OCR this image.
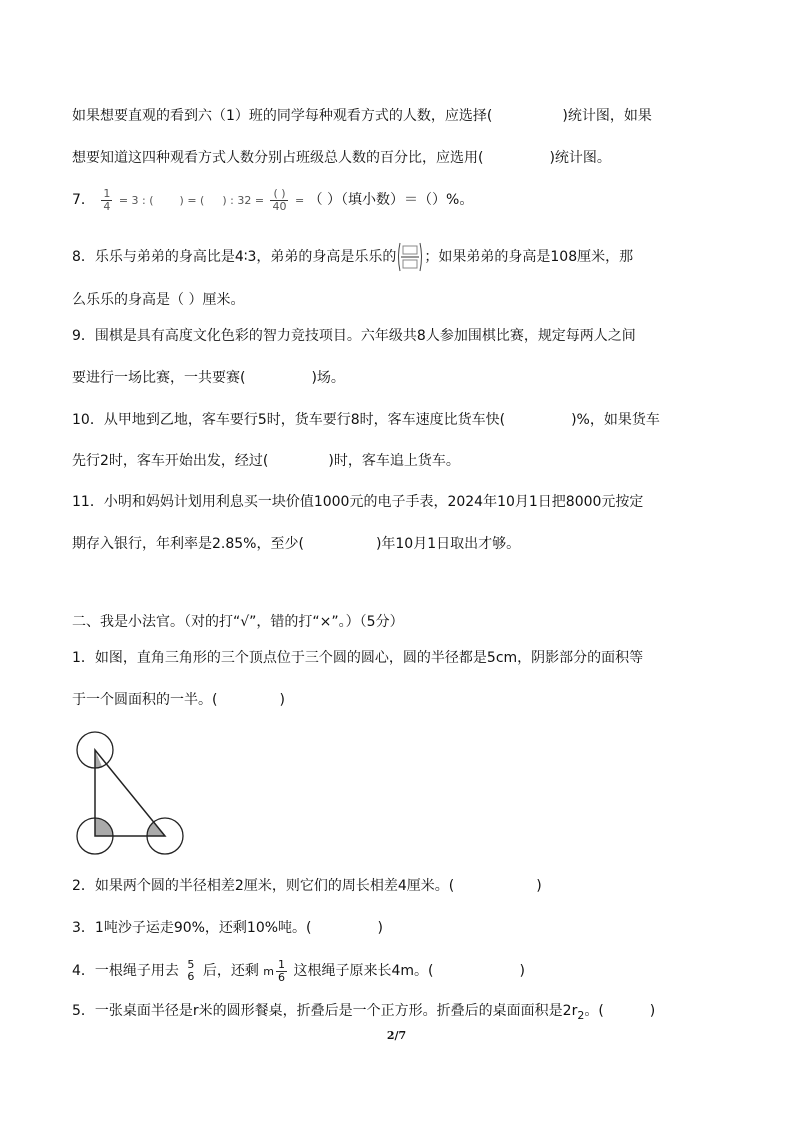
如果想要直观的看到六（1）班的同学每种观看方式的人数，应选择(	)统计图，如果
想要知道这四种观看方式人数分别占班级总人数的百分比，应选用(	)统计图。
7． $\frac{1}{4} = 3$ : ( ) = ( ) : $32 = \frac{( )}{40}$ = （ ）（填小数）＝（）%。
8．乐乐与弟弟的身高比是4∶3，弟弟的身高是乐乐的 ；如果弟弟的身高是108厘米，那
么乐乐的身高是（ ）厘米。
9．围棋是具有高度文化色彩的智力竞技项目。六年级共8人参加围棋比赛，规定每两人之间
要进行一场比赛，一共要赛(	)场。
10．从甲地到乙地，客车要行5时，货车要行8时，客车速度比货车快(	)%，如果货车
先行2时，客车开始出发，经过(	)时，客车追上货车。
11．小明和妈妈计划用利息买一块价值1000元的电子手表，2024年10月1日把8000元按定
期存入银行，年利率是2.85%，至少(	)年10月1日取出才够。
二、我是小法官。（对的打“√”，错的打“×”。）（5分）
1．如图，直角三角形的三个顶点位于三个圆的圆心，圆的半径都是5cm，阴影部分的面积等
于一个圆面积的一半。(	)
2．如果两个圆的半径相差2厘米，则它们的周长相差4厘米。(	)
3．1吨沙子运走90%，还剩10%吨。(	)
4．一根绳子用去 5
6 后，还剩 m $\frac{1}{6}$ 这根绳子原来长4m。(	)
5．一张桌面半径是r米的圆形餐桌，折叠后是一个正方形。折叠后的桌面面积是$2r_2$。(	)
2/7
